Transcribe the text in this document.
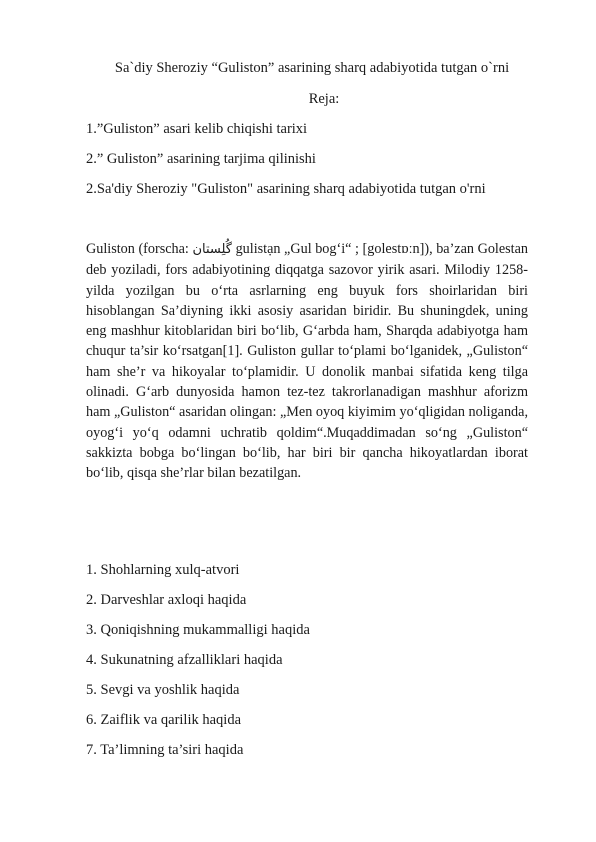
Sa`diy Sheroziy “Guliston” asarining sharq adabiyotida tutgan o`rni
Reja:
1.”Guliston” asari kelib chiqishi tarixi
2.” Guliston” asarining tarjima qilinishi
2.Sa'diy Sheroziy "Guliston" asarining sharq adabiyotida tutgan o'rni

Guliston (forscha: گُلِستان gulistạn „Gul bog‘i“ ; [golestɒːn]), ba’zan Golestan deb yoziladi, fors adabiyotining diqqatga sazovor yirik asari. Milodiy 1258-yilda yozilgan bu o‘rta asrlarning eng buyuk fors shoirlaridan biri hisoblangan Sa’diyning ikki asosiy asaridan biridir. Bu shuningdek, uning eng mashhur kitoblaridan biri bo‘lib, G‘arbda ham, Sharqda adabiyotga ham chuqur ta’sir ko‘rsatgan[1]. Guliston gullar to‘plami bo‘lganidek, „Guliston“ ham she’r va hikoyalar to‘plamidir. U donolik manbai sifatida keng tilga olinadi. G‘arb dunyosida hamon tez-tez takrorlanadigan mashhur aforizm ham „Guliston“ asaridan olingan: „Men oyoq kiyimim yo‘qligidan noliganda, oyog‘i yo‘q odamni uchratib qoldim“.Muqaddimadan so‘ng „Guliston“ sakkizta bobga bo‘lingan bo‘lib, har biri bir qancha hikoyatlardan iborat bo‘lib, qisqa she’rlar bilan bezatilgan.

1. Shohlarning xulq-atvori
2. Darveshlar axloqi haqida
3. Qoniqishning mukammalligi haqida
4. Sukunatning afzalliklari haqida
5. Sevgi va yoshlik haqida
6. Zaiflik va qarilik haqida
7. Ta’limning ta’siri haqida
